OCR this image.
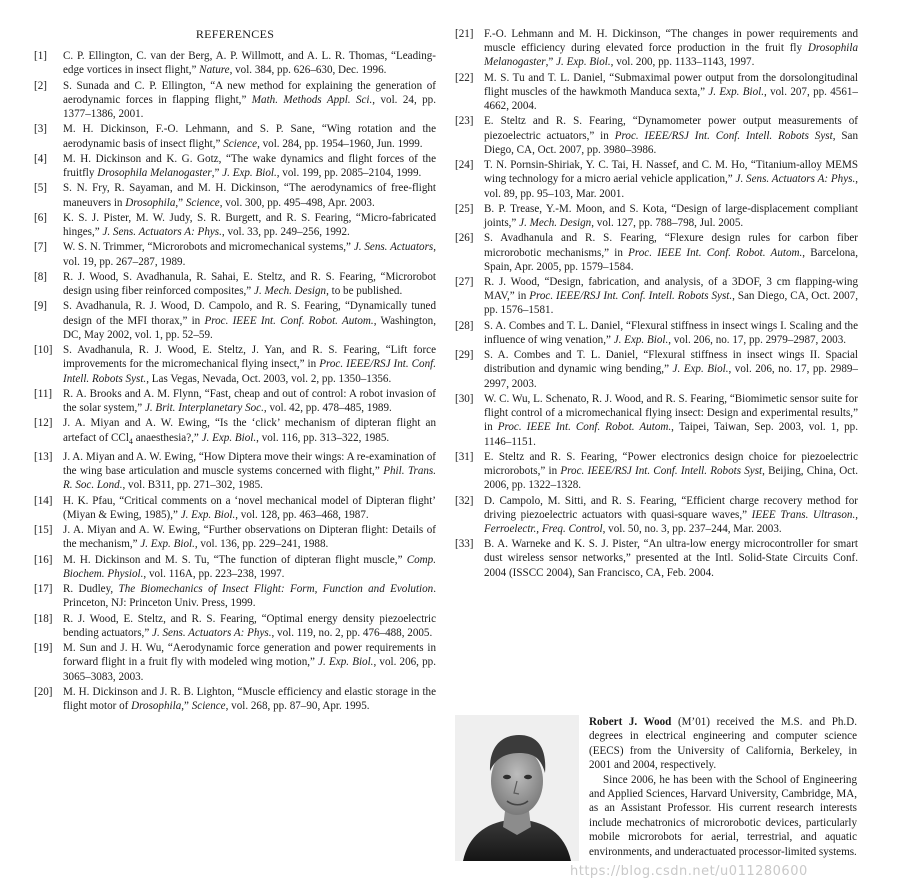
REFERENCES
[1]	C. P. Ellington, C. van der Berg, A. P. Willmott, and A. L. R. Thomas, “Leading-edge vortices in insect flight,” Nature, vol. 384, pp. 626–630, Dec. 1996.
[2]	S. Sunada and C. P. Ellington, “A new method for explaining the generation of aerodynamic forces in flapping flight,” Math. Methods Appl. Sci., vol. 24, pp. 1377–1386, 2001.
[3]	M. H. Dickinson, F.-O. Lehmann, and S. P. Sane, “Wing rotation and the aerodynamic basis of insect flight,” Science, vol. 284, pp. 1954–1960, Jun. 1999.
[4]	M. H. Dickinson and K. G. Gotz, “The wake dynamics and flight forces of the fruitfly Drosophila Melanogaster,” J. Exp. Biol., vol. 199, pp. 2085–2104, 1999.
[5]	S. N. Fry, R. Sayaman, and M. H. Dickinson, “The aerodynamics of free-flight maneuvers in Drosophila,” Science, vol. 300, pp. 495–498, Apr. 2003.
[6]	K. S. J. Pister, M. W. Judy, S. R. Burgett, and R. S. Fearing, “Micro-fabricated hinges,” J. Sens. Actuators A: Phys., vol. 33, pp. 249–256, 1992.
[7]	W. S. N. Trimmer, “Microrobots and micromechanical systems,” J. Sens. Actuators, vol. 19, pp. 267–287, 1989.
[8]	R. J. Wood, S. Avadhanula, R. Sahai, E. Steltz, and R. S. Fearing, “Microrobot design using fiber reinforced composites,” J. Mech. Design, to be published.
[9]	S. Avadhanula, R. J. Wood, D. Campolo, and R. S. Fearing, “Dynamically tuned design of the MFI thorax,” in Proc. IEEE Int. Conf. Robot. Autom., Washington, DC, May 2002, vol. 1, pp. 52–59.
[10] S. Avadhanula, R. J. Wood, E. Steltz, J. Yan, and R. S. Fearing, “Lift force improvements for the micromechanical flying insect,” in Proc. IEEE/RSJ Int. Conf. Intell. Robots Syst., Las Vegas, Nevada, Oct. 2003, vol. 2, pp. 1350–1356.
[11] R. A. Brooks and A. M. Flynn, “Fast, cheap and out of control: A robot invasion of the solar system,” J. Brit. Interplanetary Soc., vol. 42, pp. 478–485, 1989.
[12] J. A. Miyan and A. W. Ewing, “Is the ‘click’ mechanism of dipteran flight an artefact of CCl$_4$ anaesthesia?,” J. Exp. Biol., vol. 116, pp. 313–322, 1985.
[13] J. A. Miyan and A. W. Ewing, “How Diptera move their wings: A re-examination of the wing base articulation and muscle systems concerned with flight,” Phil. Trans. R. Soc. Lond., vol. B311, pp. 271–302, 1985.
[14] H. K. Pfau, “Critical comments on a ‘novel mechanical model of Dipteran flight’ (Miyan & Ewing, 1985),” J. Exp. Biol., vol. 128, pp. 463–468, 1987.
[15] J. A. Miyan and A. W. Ewing, “Further observations on Dipteran flight: Details of the mechanism,” J. Exp. Biol., vol. 136, pp. 229–241, 1988.
[16] M. H. Dickinson and M. S. Tu, “The function of dipteran flight muscle,” Comp. Biochem. Physiol., vol. 116A, pp. 223–238, 1997.
[17] R. Dudley, The Biomechanics of Insect Flight: Form, Function and Evolution. Princeton, NJ: Princeton Univ. Press, 1999.
[18] R. J. Wood, E. Steltz, and R. S. Fearing, “Optimal energy density piezoelectric bending actuators,” J. Sens. Actuators A: Phys., vol. 119, no. 2, pp. 476–488, 2005.
[19] M. Sun and J. H. Wu, “Aerodynamic force generation and power requirements in forward flight in a fruit fly with modeled wing motion,” J. Exp. Biol., vol. 206, pp. 3065–3083, 2003.
[20] M. H. Dickinson and J. R. B. Lighton, “Muscle efficiency and elastic storage in the flight motor of Drosophila,” Science, vol. 268, pp. 87–90, Apr. 1995.
[21] F.-O. Lehmann and M. H. Dickinson, “The changes in power requirements and muscle efficiency during elevated force production in the fruit fly Drosophila Melanogaster,” J. Exp. Biol., vol. 200, pp. 1133–1143, 1997.
[22] M. S. Tu and T. L. Daniel, “Submaximal power output from the dorsolongitudinal flight muscles of the hawkmoth Manduca sexta,” J. Exp. Biol., vol. 207, pp. 4561–4662, 2004.
[23] E. Steltz and R. S. Fearing, “Dynamometer power output measurements of piezoelectric actuators,” in Proc. IEEE/RSJ Int. Conf. Intell. Robots Syst, San Diego, CA, Oct. 2007, pp. 3980–3986.
[24] T. N. Pornsin-Shiriak, Y. C. Tai, H. Nassef, and C. M. Ho, “Titanium-alloy MEMS wing technology for a micro aerial vehicle application,” J. Sens. Actuators A: Phys., vol. 89, pp. 95–103, Mar. 2001.
[25] B. P. Trease, Y.-M. Moon, and S. Kota, “Design of large-displacement compliant joints,” J. Mech. Design, vol. 127, pp. 788–798, Jul. 2005.
[26] S. Avadhanula and R. S. Fearing, “Flexure design rules for carbon fiber microrobotic mechanisms,” in Proc. IEEE Int. Conf. Robot. Autom., Barcelona, Spain, Apr. 2005, pp. 1579–1584.
[27] R. J. Wood, “Design, fabrication, and analysis, of a 3DOF, 3 cm flapping-wing MAV,” in Proc. IEEE/RSJ Int. Conf. Intell. Robots Syst., San Diego, CA, Oct. 2007, pp. 1576–1581.
[28] S. A. Combes and T. L. Daniel, “Flexural stiffness in insect wings I. Scaling and the influence of wing venation,” J. Exp. Biol., vol. 206, no. 17, pp. 2979–2987, 2003.
[29] S. A. Combes and T. L. Daniel, “Flexural stiffness in insect wings II. Spacial distribution and dynamic wing bending,” J. Exp. Biol., vol. 206, no. 17, pp. 2989–2997, 2003.
[30] W. C. Wu, L. Schenato, R. J. Wood, and R. S. Fearing, “Biomimetic sensor suite for flight control of a micromechanical flying insect: Design and experimental results,” in Proc. IEEE Int. Conf. Robot. Autom., Taipei, Taiwan, Sep. 2003, vol. 1, pp. 1146–1151.
[31] E. Steltz and R. S. Fearing, “Power electronics design choice for piezoelectric microrobots,” in Proc. IEEE/RSJ Int. Conf. Intell. Robots Syst, Beijing, China, Oct. 2006, pp. 1322–1328.
[32] D. Campolo, M. Sitti, and R. S. Fearing, “Efficient charge recovery method for driving piezoelectric actuators with quasi-square waves,” IEEE Trans. Ultrason., Ferroelectr., Freq. Control, vol. 50, no. 3, pp. 237–244, Mar. 2003.
[33] B. A. Warneke and K. S. J. Pister, “An ultra-low energy microcontroller for smart dust wireless sensor networks,” presented at the Intl. Solid-State Circuits Conf. 2004 (ISSCC 2004), San Francisco, CA, Feb. 2004.

Robert J. Wood (M’01) received the M.S. and Ph.D. degrees in electrical engineering and computer science (EECS) from the University of California, Berkeley, in 2001 and 2004, respectively.

Since 2006, he has been with the School of Engineering and Applied Sciences, Harvard University, Cambridge, MA, as an Assistant Professor. His current research interests include mechatronics of microrobotic devices, particularly mobile microrobots for aerial, terrestrial, and aquatic environments, and underactuated processor-limited systems.

https://blog.csdn.net/u011280600
